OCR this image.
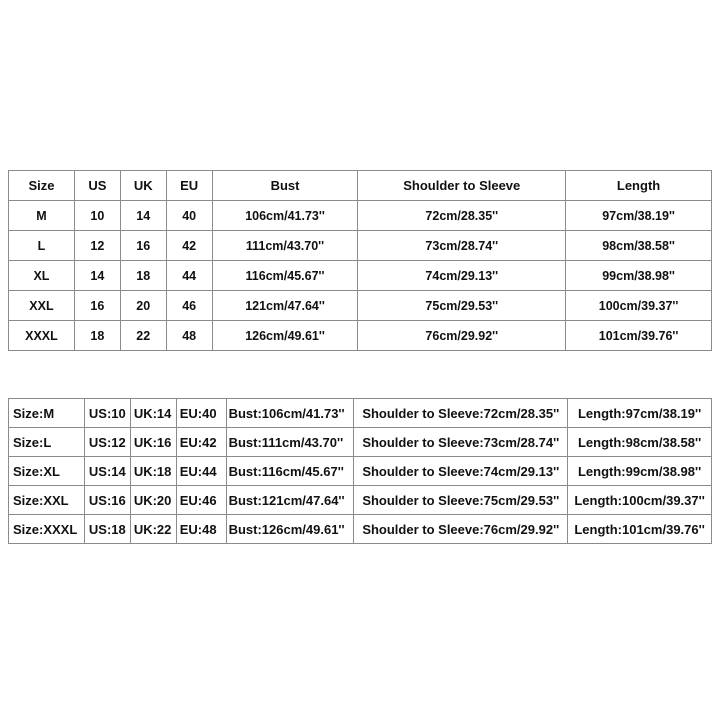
Size	US	UK	EU	Bust	Shoulder to Sleeve	Length
M	10	14	40	106cm/41.73''	72cm/28.35''	97cm/38.19''
L	12	16	42	111cm/43.70''	73cm/28.74''	98cm/38.58''
XL	14	18	44	116cm/45.67''	74cm/29.13''	99cm/38.98''
XXL	16	20	46	121cm/47.64''	75cm/29.53''	100cm/39.37''
XXXL	18	22	48	126cm/49.61''	76cm/29.92''	101cm/39.76''
Size:M	US:10	UK:14	EU:40	Bust:106cm/41.73''	Shoulder to Sleeve:72cm/28.35''	Length:97cm/38.19''
Size:L	US:12	UK:16	EU:42	Bust:111cm/43.70''	Shoulder to Sleeve:73cm/28.74''	Length:98cm/38.58''
Size:XL	US:14	UK:18	EU:44	Bust:116cm/45.67''	Shoulder to Sleeve:74cm/29.13''	Length:99cm/38.98''
Size:XXL	US:16	UK:20	EU:46	Bust:121cm/47.64''	Shoulder to Sleeve:75cm/29.53''	Length:100cm/39.37''
Size:XXXL	US:18	UK:22	EU:48	Bust:126cm/49.61''	Shoulder to Sleeve:76cm/29.92''	Length:101cm/39.76''
